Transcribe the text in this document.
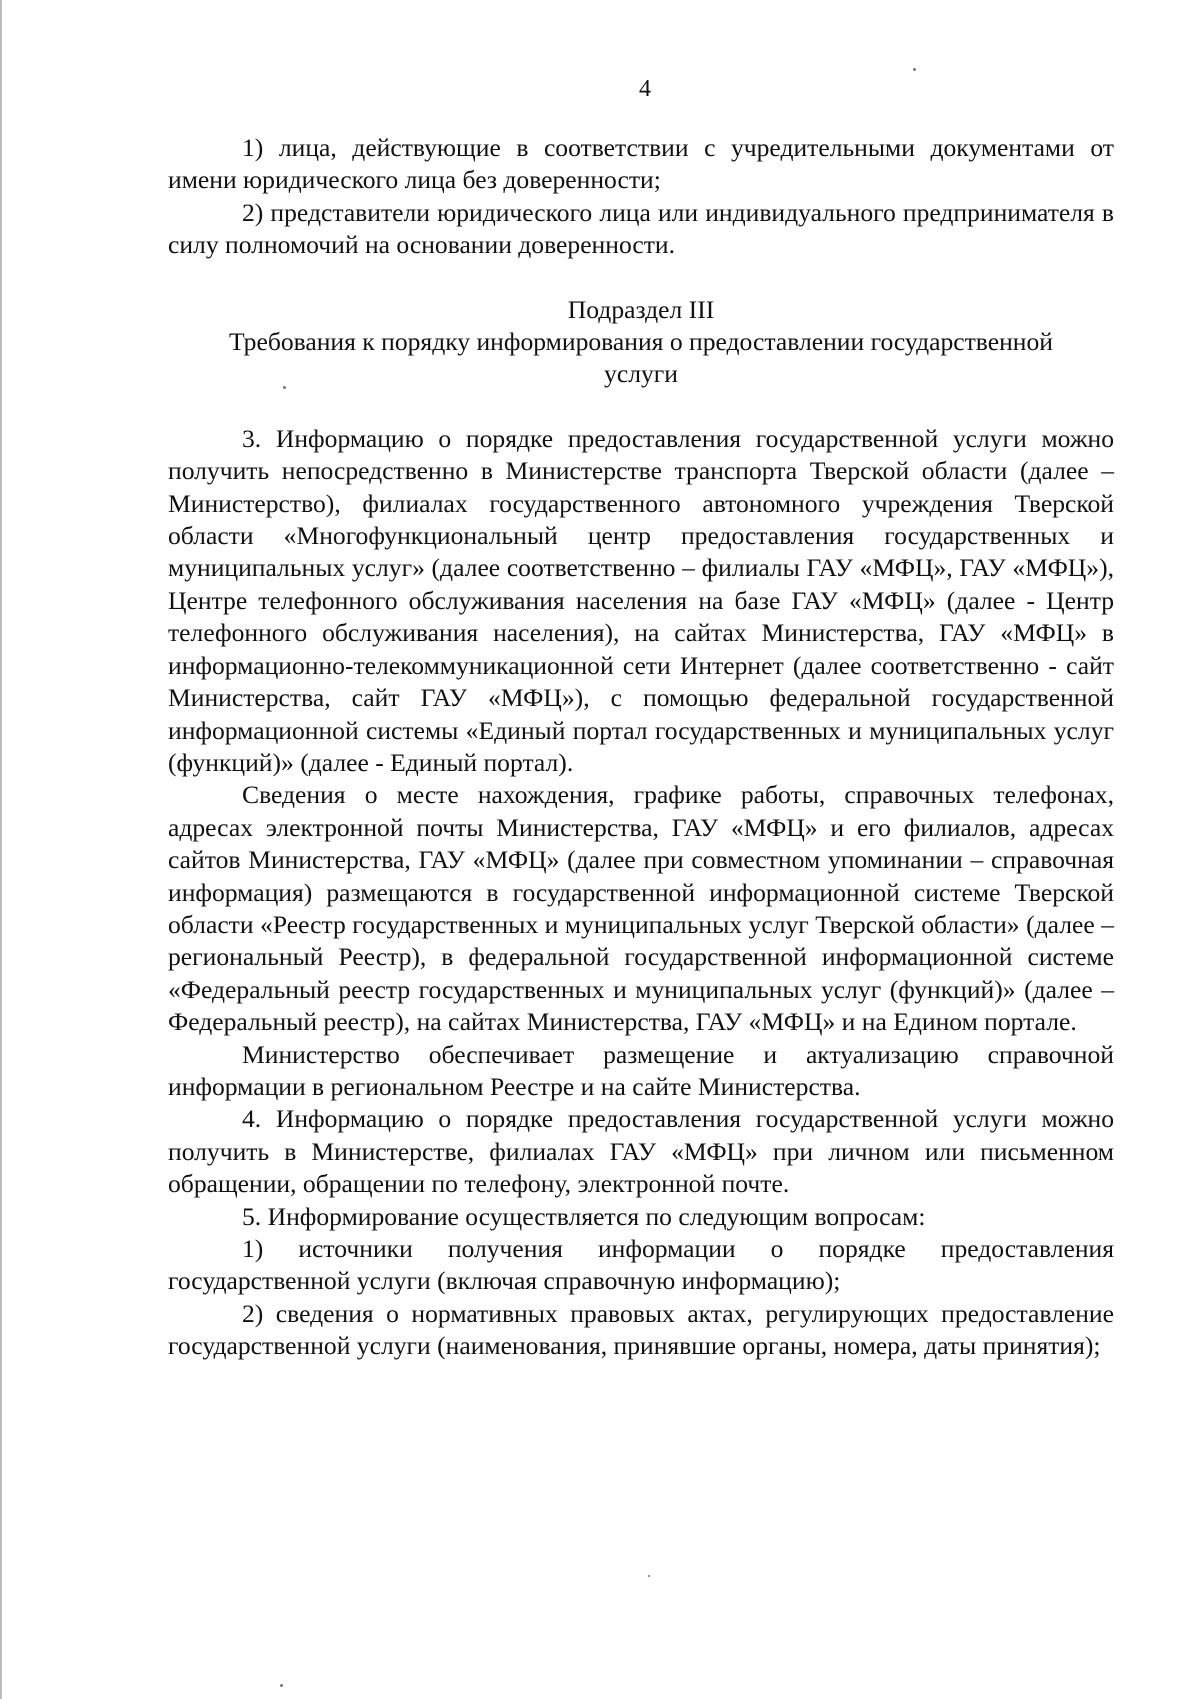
4

1) лица, действующие в соответствии с учредительными документами от имени юридического лица без доверенности;

2) представители юридического лица или индивидуального предпринимателя в силу полномочий на основании доверенности.

Подраздел III

Требования к порядку информирования о предоставлении государственной

услуги

3. Информацию о порядке предоставления государственной услуги можно получить непосредственно в Министерстве транспорта Тверской области (далее – Министерство), филиалах государственного автономного учреждения Тверской области «Многофункциональный центр предоставления государственных и муниципальных услуг» (далее соответственно – филиалы ГАУ «МФЦ», ГАУ «МФЦ»), Центре телефонного обслуживания населения на базе ГАУ «МФЦ» (далее - Центр телефонного обслуживания населения), на сайтах Министерства, ГАУ «МФЦ» в информационно-телекоммуникационной сети Интернет (далее соответственно - сайт Министерства, сайт ГАУ «МФЦ»), с помощью федеральной государственной информационной системы «Единый портал государственных и муниципальных услуг (функций)» (далее - Единый портал).

Сведения о месте нахождения, графике работы, справочных телефонах, адресах электронной почты Министерства, ГАУ «МФЦ» и его филиалов, адресах сайтов Министерства, ГАУ «МФЦ» (далее при совместном упоминании – справочная информация) размещаются в государственной информационной системе Тверской области «Реестр государственных и муниципальных услуг Тверской области» (далее – региональный Реестр), в федеральной государственной информационной системе «Федеральный реестр государственных и муниципальных услуг (функций)» (далее – Федеральный реестр), на сайтах Министерства, ГАУ «МФЦ» и на Едином портале.

Министерство обеспечивает размещение и актуализацию справочной информации в региональном Реестре и на сайте Министерства.

4. Информацию о порядке предоставления государственной услуги можно получить в Министерстве, филиалах ГАУ «МФЦ» при личном или письменном обращении, обращении по телефону, электронной почте.

5. Информирование осуществляется по следующим вопросам:

1) источники получения информации о порядке предоставления государственной услуги (включая справочную информацию);

2) сведения о нормативных правовых актах, регулирующих предоставление государственной услуги (наименования, принявшие органы, номера, даты принятия);
